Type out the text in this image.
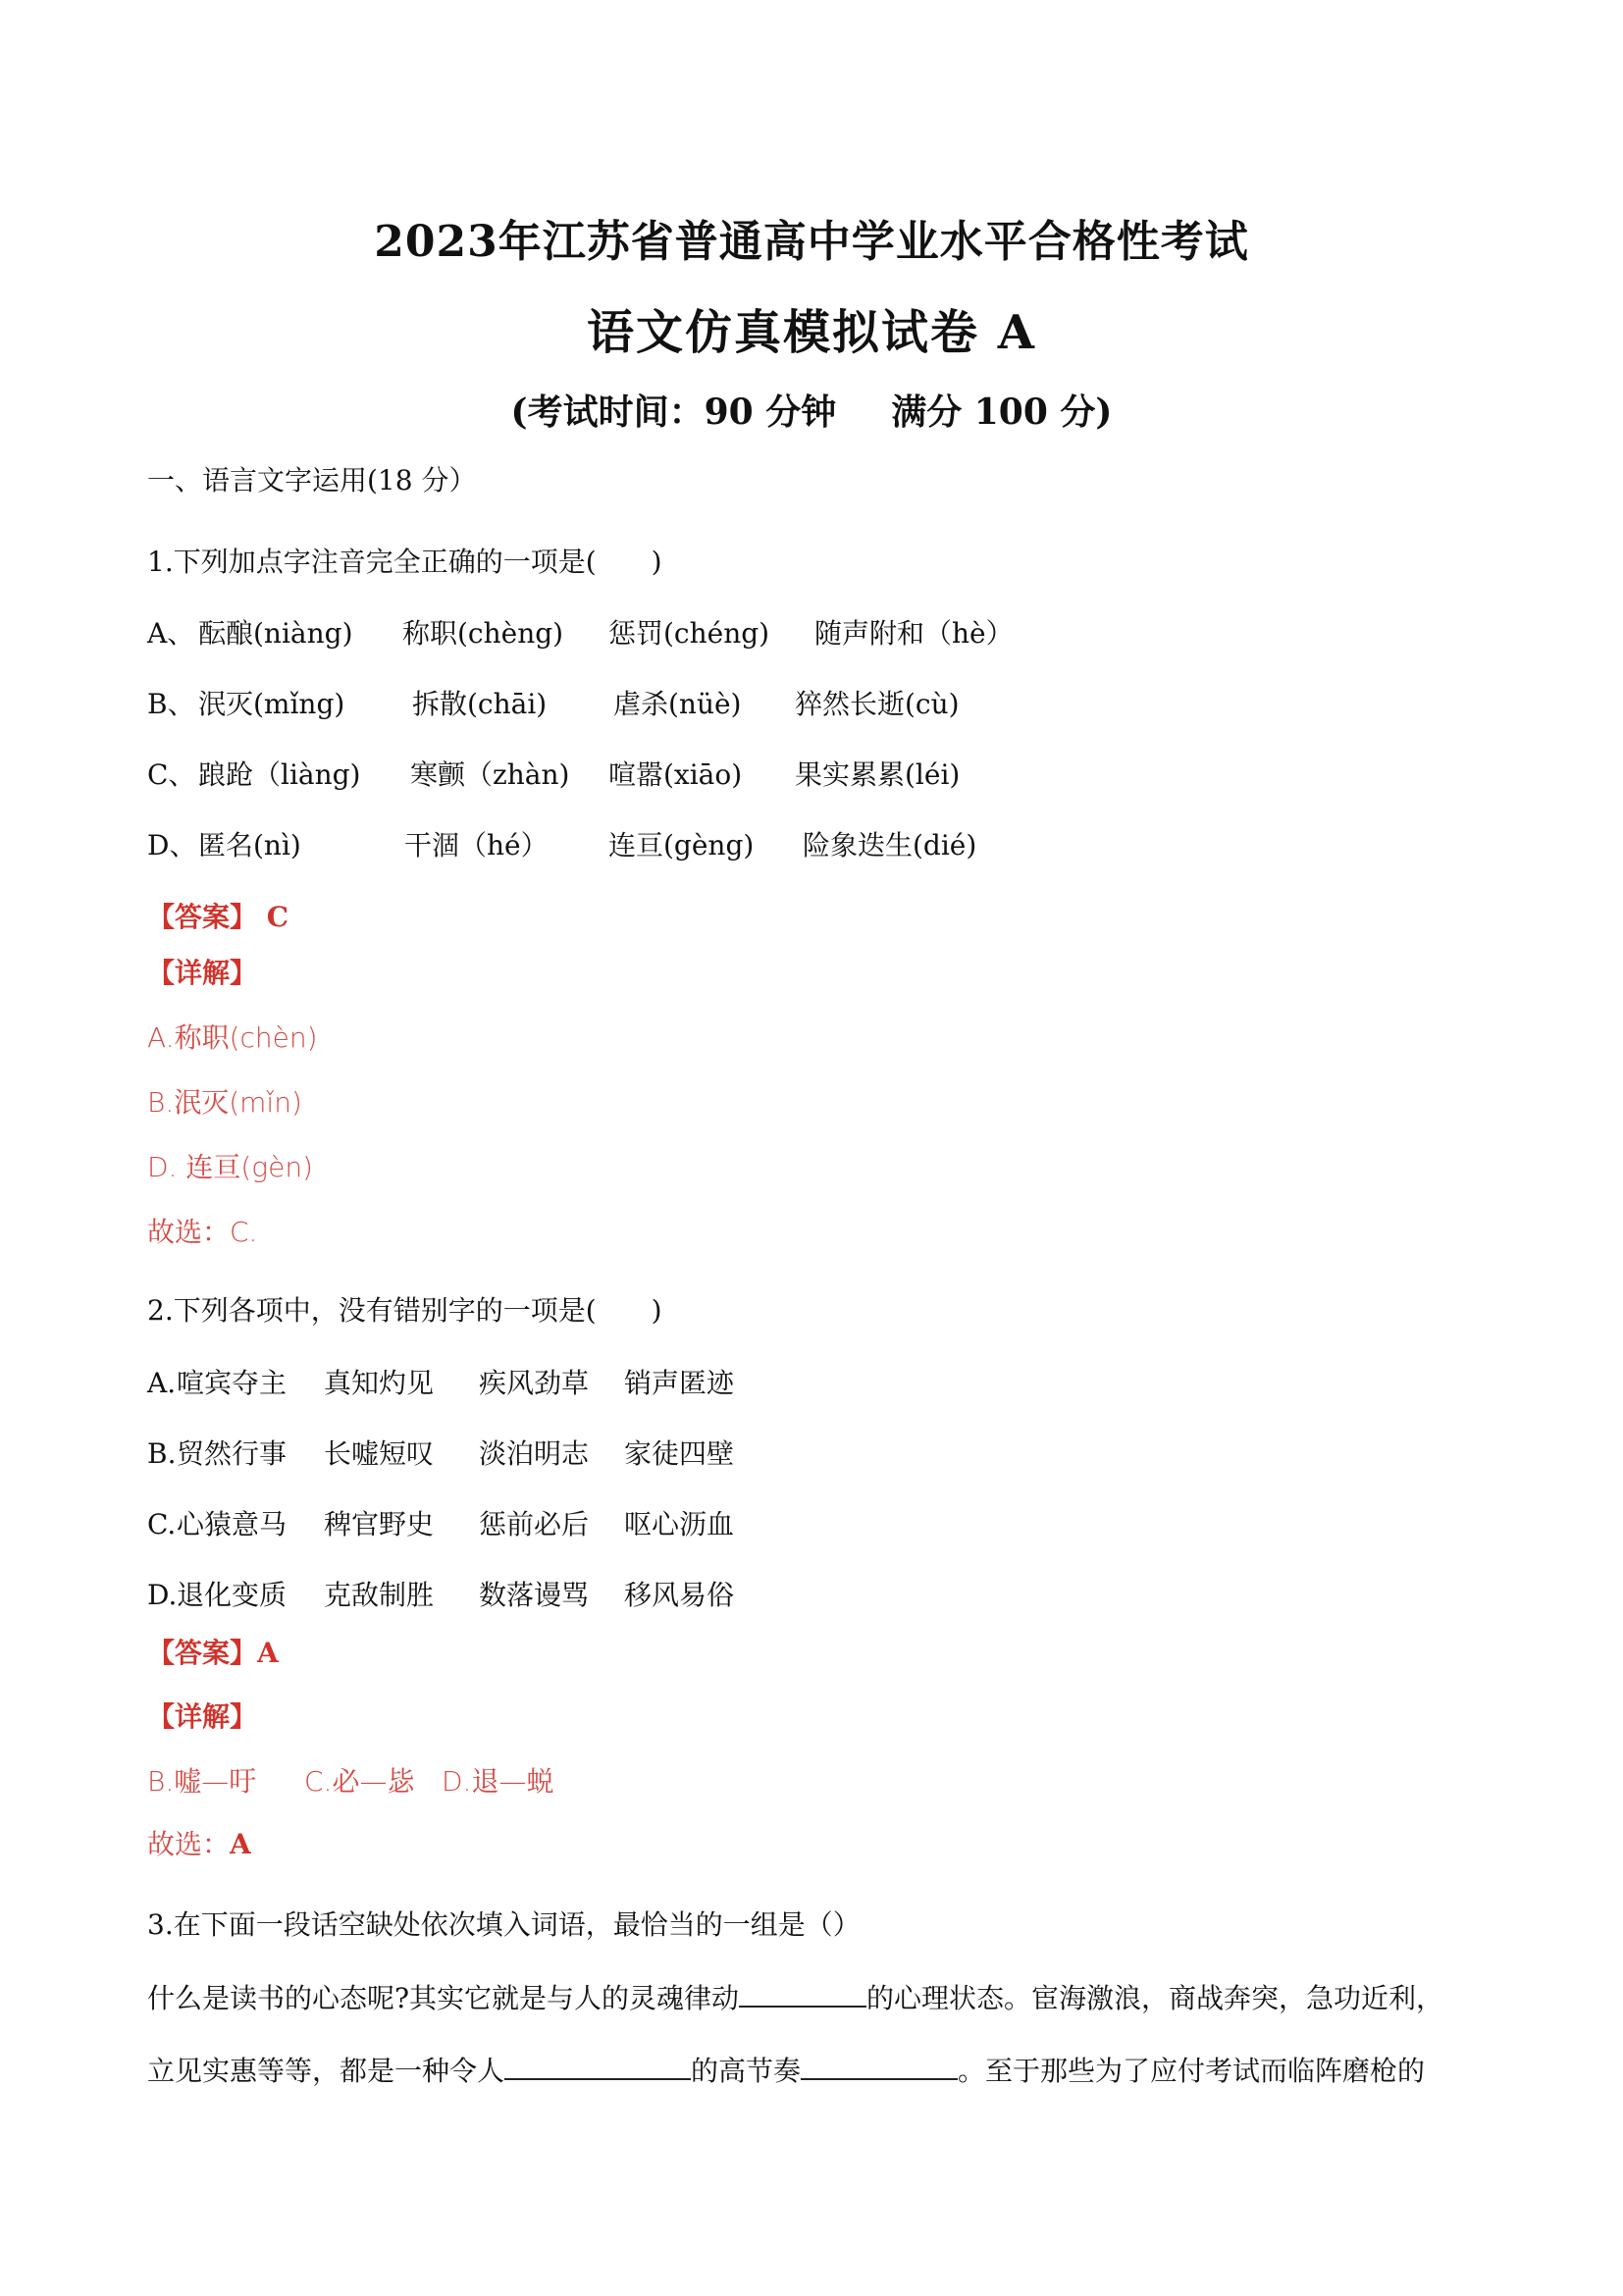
2023年江苏省普通高中学业水平合格性考试
语文仿真模拟试卷 A
(考试时间：90 分钟 满分 100 分)
一、语言文字运用(18 分）
1.下列加点字注音完全正确的一项是(　　)
A、 酝酿(niàng) 称职(chèng) 惩罚(chéng) 随声附和（hè）
B、 泯灭(mǐng) 拆散(chāi) 虐杀(nüè) 猝然长逝(cù)
C、 踉跄（liàng) 寒颤（zhàn) 喧嚣(xiāo) 果实累累(léi)
D、 匿名(nì)	干涸（hé） 连亘(gèng) 险象迭生(dié)
【答案】 C
【详解】
A.称职(chèn)
B.泯灭(mǐn)
D. 连亘(gèn)
故选：C.
2.下列各项中，没有错别字的一项是(　　)
A. 喧宾夺主 真知灼见 疾风劲草 销声匿迹
B. 贸然行事 长嘘短叹 淡泊明志 家徒四壁
C. 心猿意马 稗官野史 惩前必后 呕心沥血
D. 退化变质 克敌制胜 数落谩骂 移风易俗
【答案】A
【详解】
B.嘘—吁 C.必—毖 D.退—蜕
故选：A
3.在下面一段话空缺处依次填入词语，最恰当的一组是（）
什么是读书的心态呢?其实它就是与人的灵魂律动	的心理状态。宦海激浪，商战奔突，急功近利，
立见实惠等等，都是一种令人	的高节奏	。至于那些为了应付考试而临阵磨枪的
